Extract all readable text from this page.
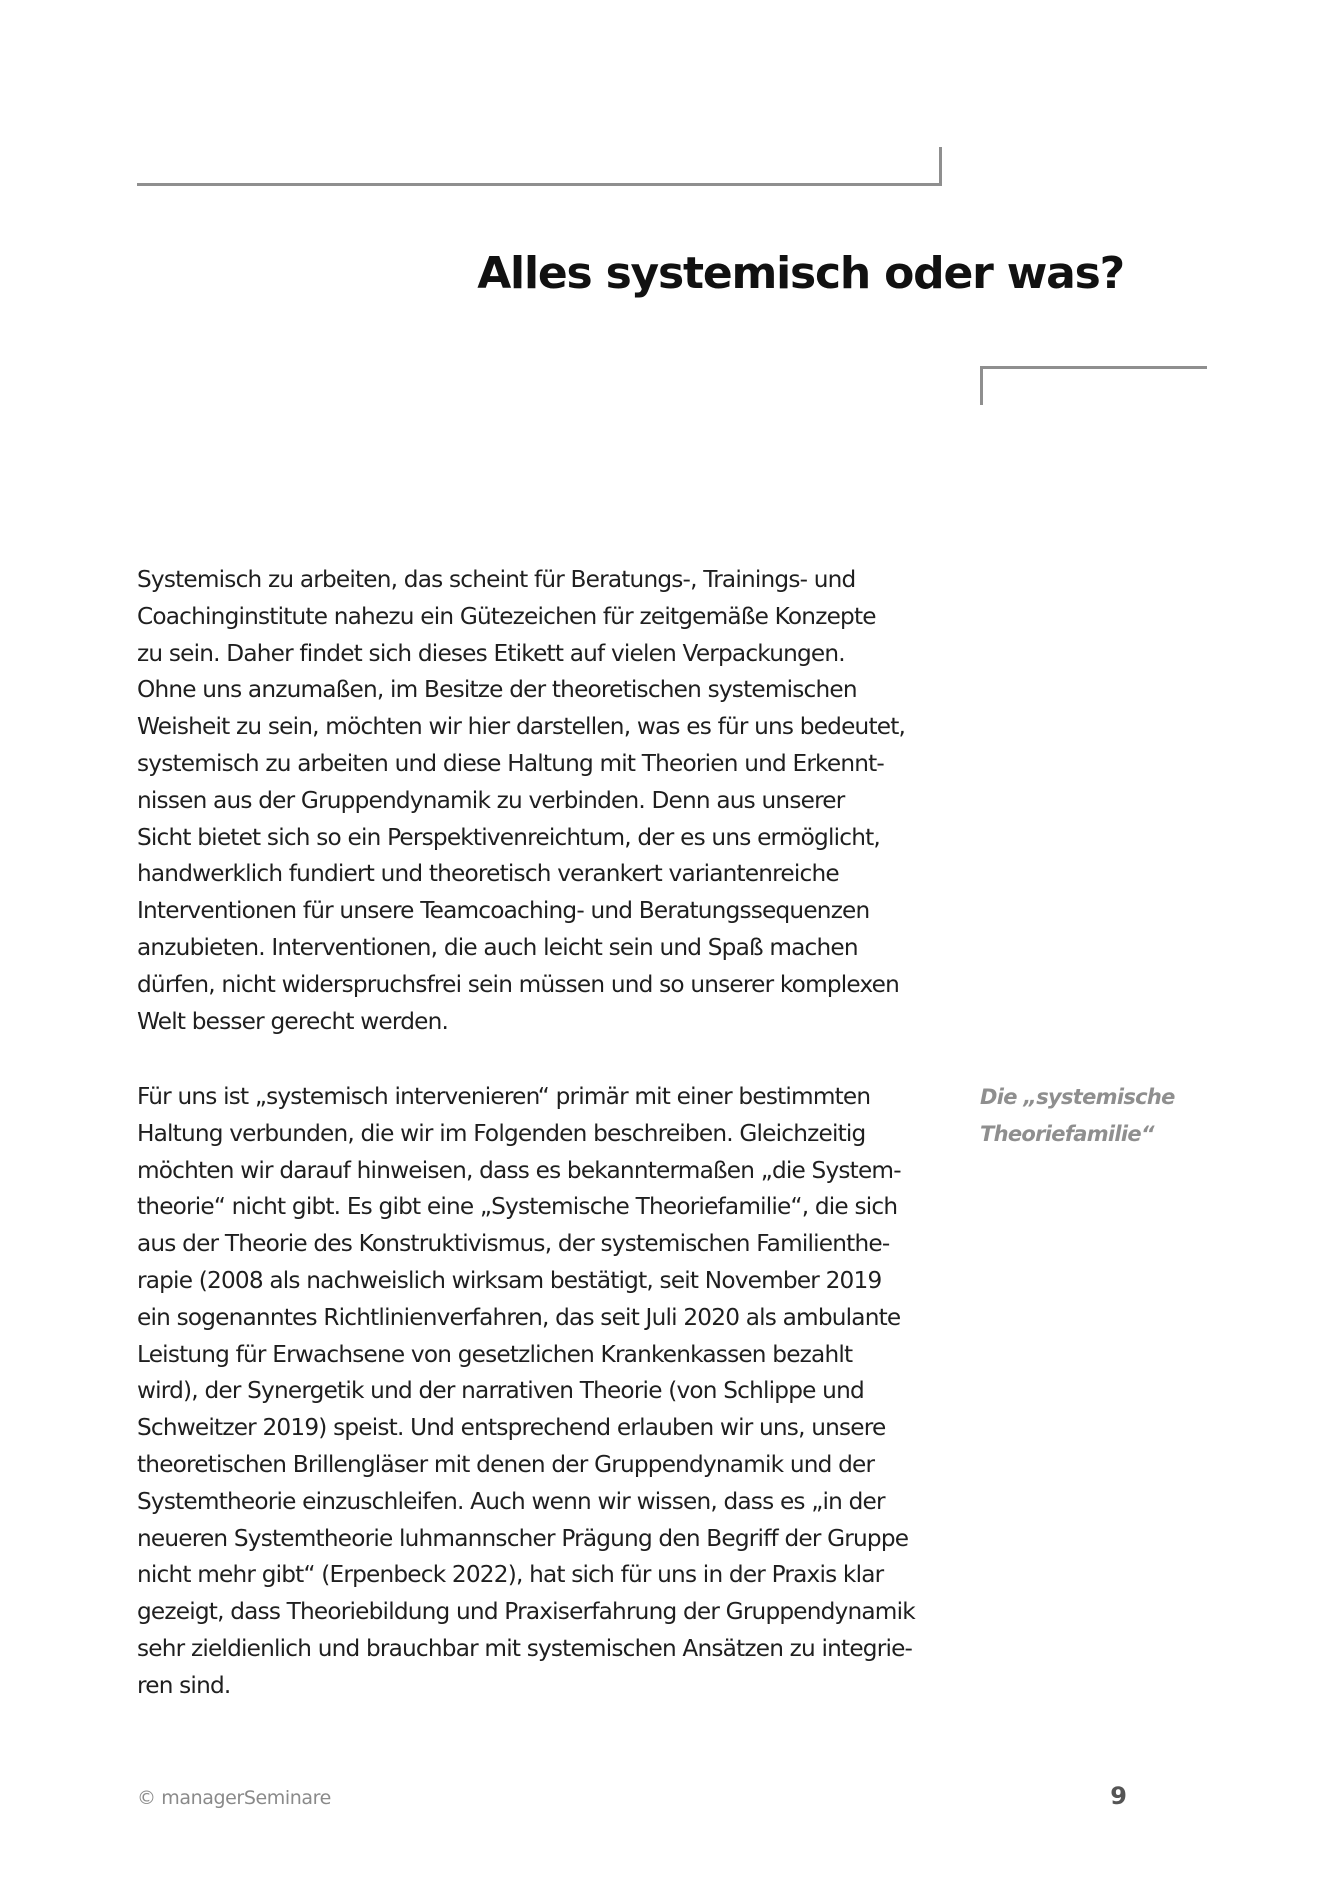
Alles systemisch oder was?

Systemisch zu arbeiten, das scheint für Beratungs-, Trainings- und
Coachinginstitute nahezu ein Gütezeichen für zeitgemäße Konzepte
zu sein. Daher findet sich dieses Etikett auf vielen Verpackungen.
Ohne uns anzumaßen, im Besitze der theoretischen systemischen
Weisheit zu sein, möchten wir hier darstellen, was es für uns bedeutet,
systemisch zu arbeiten und diese Haltung mit Theorien und Erkennt-
nissen aus der Gruppendynamik zu verbinden. Denn aus unserer
Sicht bietet sich so ein Perspektivenreichtum, der es uns ermöglicht,
handwerklich fundiert und theoretisch verankert variantenreiche
Interventionen für unsere Teamcoaching- und Beratungssequenzen
anzubieten. Interventionen, die auch leicht sein und Spaß machen
dürfen, nicht widerspruchsfrei sein müssen und so unserer komplexen
Welt besser gerecht werden.

Für uns ist „systemisch intervenieren“ primär mit einer bestimmten
Haltung verbunden, die wir im Folgenden beschreiben. Gleichzeitig
möchten wir darauf hinweisen, dass es bekanntermaßen „die System-
theorie“ nicht gibt. Es gibt eine „Systemische Theoriefamilie“, die sich
aus der Theorie des Konstruktivismus, der systemischen Familienthe-
rapie (2008 als nachweislich wirksam bestätigt, seit November 2019
ein sogenanntes Richtlinienverfahren, das seit Juli 2020 als ambulante
Leistung für Erwachsene von gesetzlichen Krankenkassen bezahlt
wird), der Synergetik und der narrativen Theorie (von Schlippe und
Schweitzer 2019) speist. Und entsprechend erlauben wir uns, unsere
theoretischen Brillengläser mit denen der Gruppendynamik und der
Systemtheorie einzuschleifen. Auch wenn wir wissen, dass es „in der
neueren Systemtheorie luhmannscher Prägung den Begriff der Gruppe
nicht mehr gibt“ (Erpenbeck 2022), hat sich für uns in der Praxis klar
gezeigt, dass Theoriebildung und Praxiserfahrung der Gruppendynamik
sehr zieldienlich und brauchbar mit systemischen Ansätzen zu integrie-
ren sind.

Die „systemische
Theoriefamilie“

© managerSeminare	9
